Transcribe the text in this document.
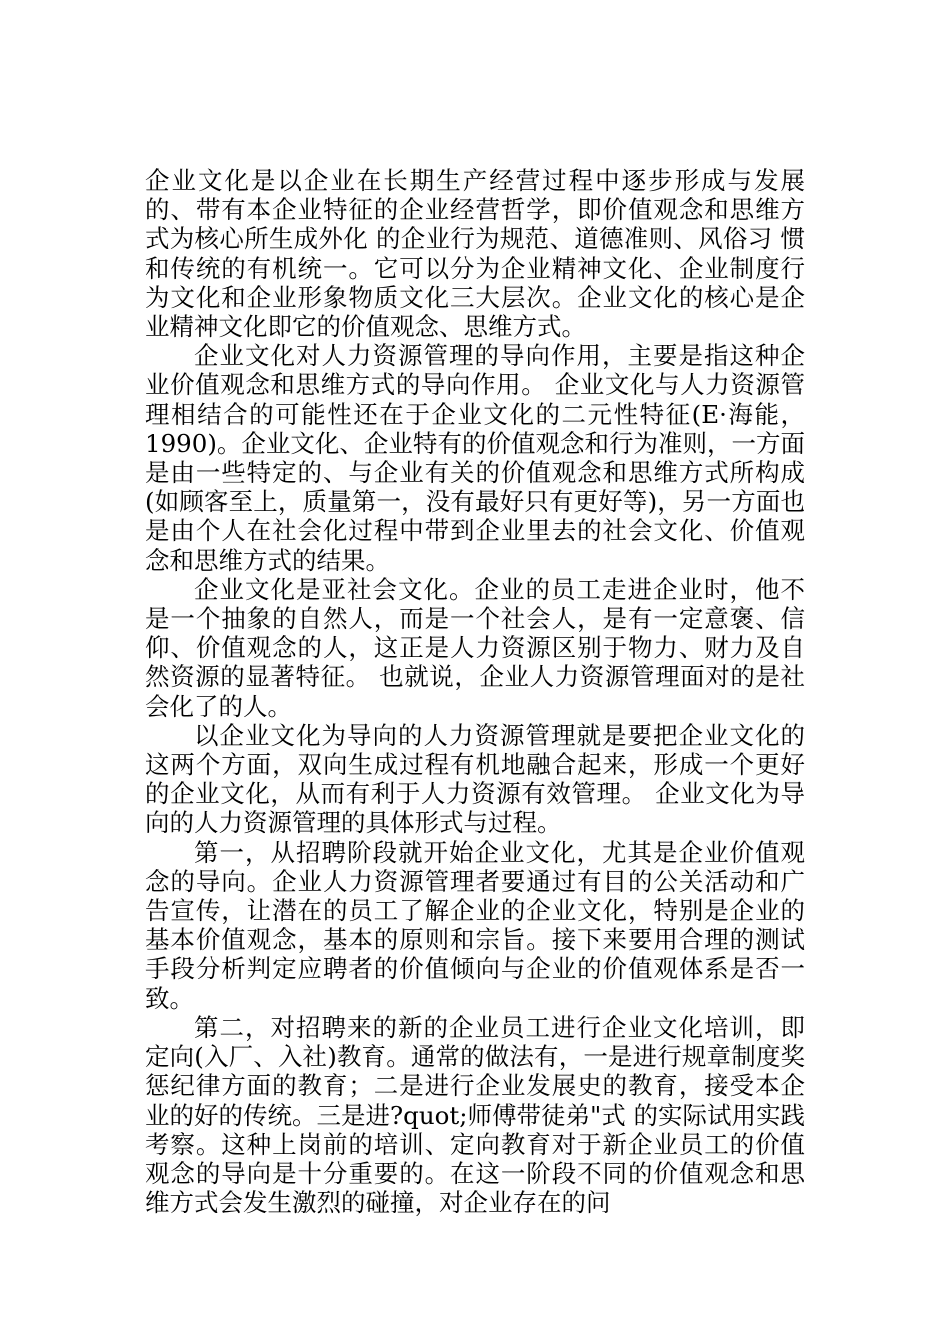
企业文化是以企业在长期生产经营过程中逐步形成与发展的、带有本企业特征的企业经营哲学，即价值观念和思维方式为核心所生成外化 的企业行为规范、道德准则、风俗习 惯和传统的有机统一。它可以分为企业精神文化、企业制度行为文化和企业形象物质文化三大层次。企业文化的核心是企业精神文化即它的价值观念、思维方式。

企业文化对人力资源管理的导向作用，主要是指这种企业价值观念和思维方式的导向作用。 企业文化与人力资源管理相结合的可能性还在于企业文化的二元性特征(E·海能，1990)。企业文化、企业特有的价值观念和行为准则，一方面是由一些特定的、与企业有关的价值观念和思维方式所构成(如顾客至上，质量第一，没有最好只有更好等)，另一方面也是由个人在社会化过程中带到企业里去的社会文化、价值观念和思维方式的结果。

企业文化是亚社会文化。企业的员工走进企业时，他不是一个抽象的自然人，而是一个社会人，是有一定意褒、信仰、价值观念的人，这正是人力资源区别于物力、财力及自然资源的显著特征。 也就说，企业人力资源管理面对的是社会化了的人。

以企业文化为导向的人力资源管理就是要把企业文化的这两个方面，双向生成过程有机地融合起来，形成一个更好的企业文化，从而有利于人力资源有效管理。 企业文化为导向的人力资源管理的具体形式与过程。

第一，从招聘阶段就开始企业文化，尤其是企业价值观念的导向。企业人力资源管理者要通过有目的公关活动和广告宣传，让潜在的员工了解企业的企业文化，特别是企业的基本价值观念，基本的原则和宗旨。接下来要用合理的测试手段分析判定应聘者的价值倾向与企业的价值观体系是否一致。

第二，对招聘来的新的企业员工进行企业文化培训，即定向(入厂、入社)教育。通常的做法有，一是进行规章制度奖惩纪律方面的教育；二是进行企业发展史的教育，接受本企业的好的传统。三是进?quot;师傅带徒弟"式 的实际试用实践考察。这种上岗前的培训、定向教育对于新企业员工的价值观念的导向是十分重要的。在这一阶段不同的价值观念和思维方式会发生激烈的碰撞，对企业存在的问
